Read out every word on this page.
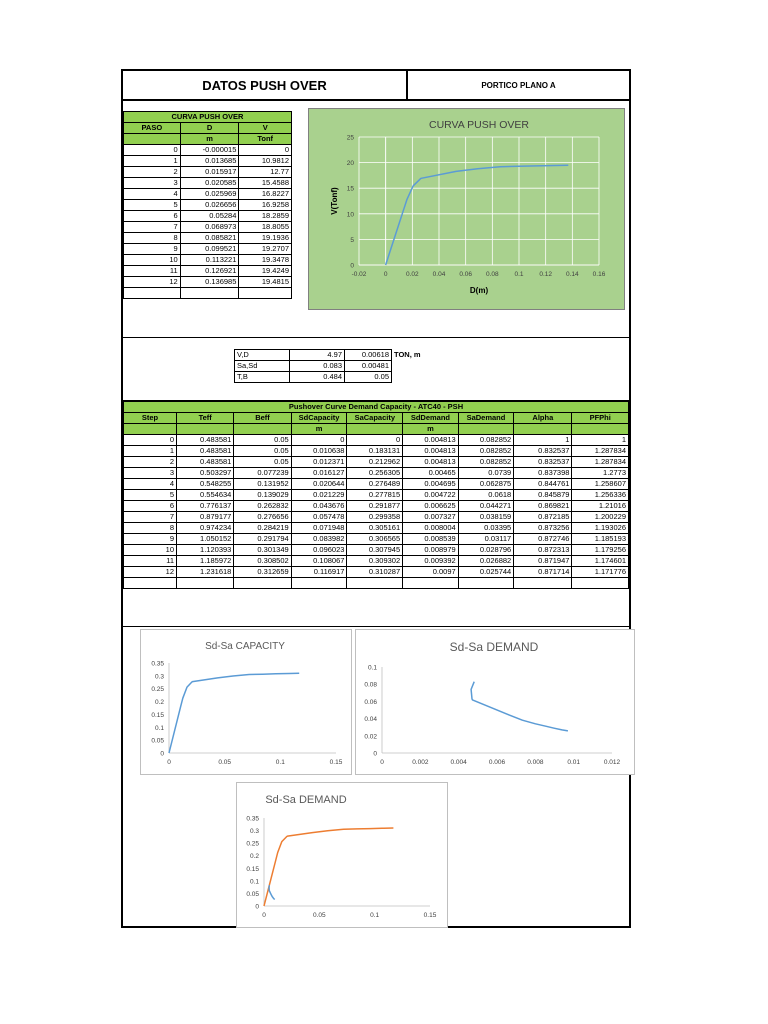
DATOS PUSH OVER	PORTICO PLANO A
CURVA PUSH OVER		
PASO	D	V
	m	Tonf
0	-0.000015	0
1	0.013685	10.9812
2	0.015917	12.77
3	0.020585	15.4588
4	0.025969	16.8227
5	0.026656	16.9258
6	0.05284	18.2859
7	0.068973	18.8055
8	0.085821	19.1936
9	0.099521	19.2707
10	0.113221	19.3478
11	0.126921	19.4249
12	0.136985	19.4815

CURVA PUSH OVER
0
5
10
15
20
25
-0.02	0	0.02 0.04 0.06 0.08 0.1 0.12 0.14 0.16
D(m)
V(Tonf)
V,D	4.97	0.00618	TON, m
Sa,Sd	0.083	0.00481	
T,B	0.484	0.05	
Pushover Curve Demand Capacity - ATC40 - PSH								
Step	Teff	Beff	SdCapacity	SaCapacity	SdDemand	SaDemand	Alpha	PFPhi
			m		m			
0	0.483581	0.05	0	0	0.004813	0.082852	1	1
1	0.483581	0.05	0.010638	0.183131	0.004813	0.082852	0.832537	1.287834
2	0.483581	0.05	0.012371	0.212962	0.004813	0.082852	0.832537	1.287834
3	0.503297	0.077239	0.016127	0.256305	0.00465	0.0739	0.837398	1.2773
4	0.548255	0.131952	0.020644	0.276489	0.004695	0.062875	0.844761	1.258607
5	0.554634	0.139029	0.021229	0.277815	0.004722	0.0618	0.845879	1.256336
6	0.776137	0.262832	0.043676	0.291877	0.006625	0.044271	0.869821	1.21016
7	0.879177	0.276656	0.057478	0.299358	0.007327	0.038159	0.872185	1.200229
8	0.974234	0.284219	0.071948	0.305161	0.008004	0.03395	0.873256	1.193026
9	1.050152	0.291794	0.083982	0.306565	0.008539	0.03117	0.872746	1.185193
10	1.120393	0.301349	0.096023	0.307945	0.008979	0.028796	0.872313	1.179256
11	1.185972	0.308502	0.108067	0.309302	0.009392	0.026882	0.871947	1.174601
12	1.231618	0.312659	0.116917	0.310287	0.0097	0.025744	0.871714	1.171776

Sd-Sa CAPACITY
0
0.05
0.1
0.15
0.2
0.25
0.3
0.35
0	0.05	0.1	0.15
Sd-Sa DEMAND
0
0.02
0.04
0.06
0.08
0.1
0	0.002	0.004	0.006	0.008	0.01	0.012
Sd-Sa DEMAND
0
0.05
0.1
0.15
0.2
0.25
0.3
0.35
0	0.05	0.1	0.15
